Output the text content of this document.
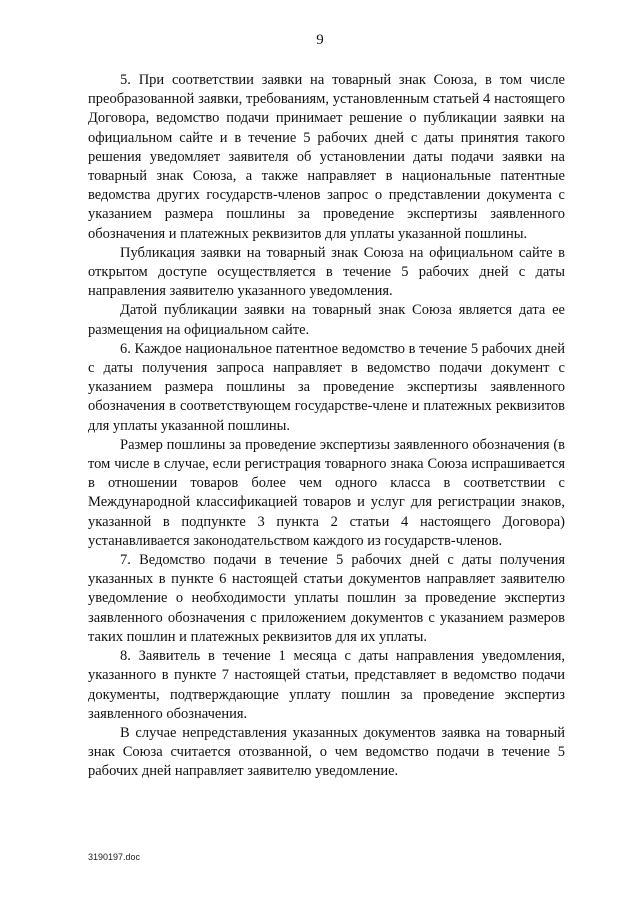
9

5. При соответствии заявки на товарный знак Союза, в том числе преобразованной заявки, требованиям, установленным статьей 4 настоящего Договора, ведомство подачи принимает решение о публикации заявки на официальном сайте и в течение 5 рабочих дней с даты принятия такого решения уведомляет заявителя об установлении даты подачи заявки на товарный знак Союза, а также направляет в национальные патентные ведомства других государств-членов запрос о представлении документа с указанием размера пошлины за проведение экспертизы заявленного обозначения и платежных реквизитов для уплаты указанной пошлины.

Публикация заявки на товарный знак Союза на официальном сайте в открытом доступе осуществляется в течение 5 рабочих дней с даты направления заявителю указанного уведомления.

Датой публикации заявки на товарный знак Союза является дата ее размещения на официальном сайте.

6. Каждое национальное патентное ведомство в течение 5 рабочих дней с даты получения запроса направляет в ведомство подачи документ с указанием размера пошлины за проведение экспертизы заявленного обозначения в соответствующем государстве-члене и платежных реквизитов для уплаты указанной пошлины.

Размер пошлины за проведение экспертизы заявленного обозначения (в том числе в случае, если регистрация товарного знака Союза испрашивается в отношении товаров более чем одного класса в соответствии с Международной классификацией товаров и услуг для регистрации знаков, указанной в подпункте 3 пункта 2 статьи 4 настоящего Договора) устанавливается законодательством каждого из государств-членов.

7. Ведомство подачи в течение 5 рабочих дней с даты получения указанных в пункте 6 настоящей статьи документов направляет заявителю уведомление о необходимости уплаты пошлин за проведение экспертиз заявленного обозначения с приложением документов с указанием размеров таких пошлин и платежных реквизитов для их уплаты.

8. Заявитель в течение 1 месяца с даты направления уведомления, указанного в пункте 7 настоящей статьи, представляет в ведомство подачи документы, подтверждающие уплату пошлин за проведение экспертиз заявленного обозначения.

В случае непредставления указанных документов заявка на товарный знак Союза считается отозванной, о чем ведомство подачи в течение 5 рабочих дней направляет заявителю уведомление.

3190197.doc
